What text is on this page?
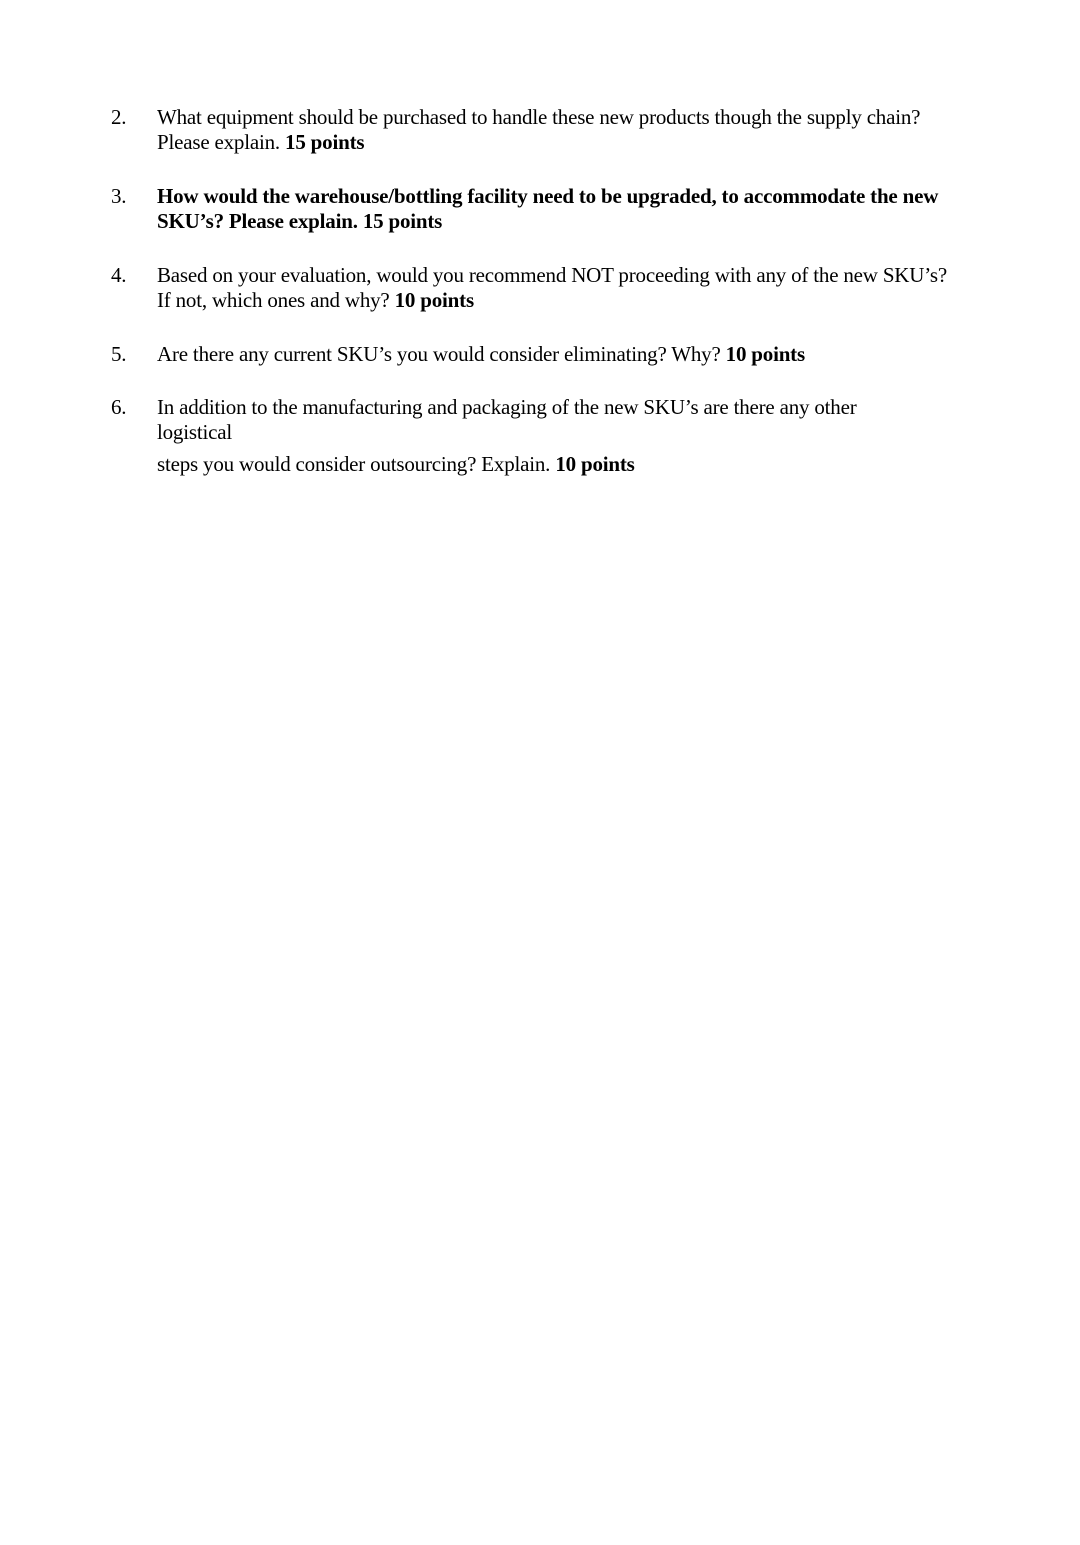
2.	What equipment should be purchased to handle these new products though the supply chain? Please explain. 15 points
3.	How would the warehouse/bottling facility need to be upgraded, to accommodate the new SKU’s? Please explain. 15 points
4.	Based on your evaluation, would you recommend NOT proceeding with any of the new SKU’s? If not, which ones and why? 10 points
5.	Are there any current SKU’s you would consider eliminating? Why? 10 points
6.	In addition to the manufacturing and packaging of the new SKU’s are there any other logistical
steps you would consider outsourcing? Explain. 10 points
